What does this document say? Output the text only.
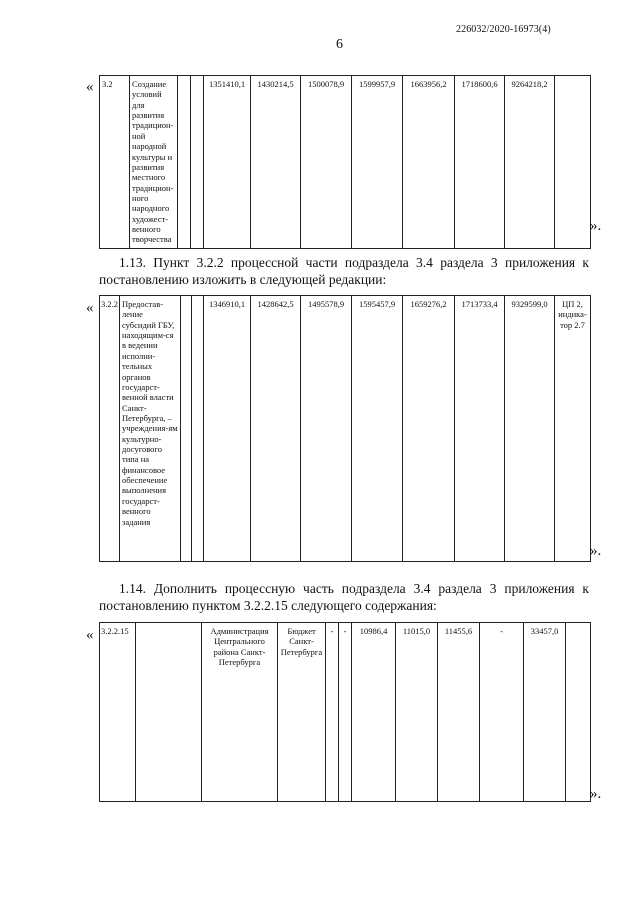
226032/2020-16973(4)
6
« 3.2	Создание условий для развития традицион-ной народной культуры и развития местного традицион-ного народного художест-венного творчества			1351410,1	1430214,5	1500078,9	1599957,9	1663956,2	1718600,6	9264218,2	
».
1.13. Пункт 3.2.2 процессной части подраздела 3.4 раздела 3 приложения к постановлению изложить в следующей редакции:
« 3.2.2	Предостав-ление субсидий ГБУ, находящим-ся в ведении исполни-тельных органов государст-венной власти Санкт-Петербурга, – учреждения-ям культурно-досугового типа на финансовое обеспечение выполнения государст-венного задания			1346910,1	1428642,5	1495578,9	1595457,9	1659276,2	1713733,4	9329599,0	ЦП 2, индика-тор 2.7
».
1.14. Дополнить процессную часть подраздела 3.4 раздела 3 приложения к постановлению пунктом 3.2.2.15 следующего содержания:
« 3.2.2.15		Администрация Центрального района Санкт-Петербурга	Бюджет Санкт-Петербурга	-	-	10986,4	11015,0	11455,6	-	33457,0	
».
